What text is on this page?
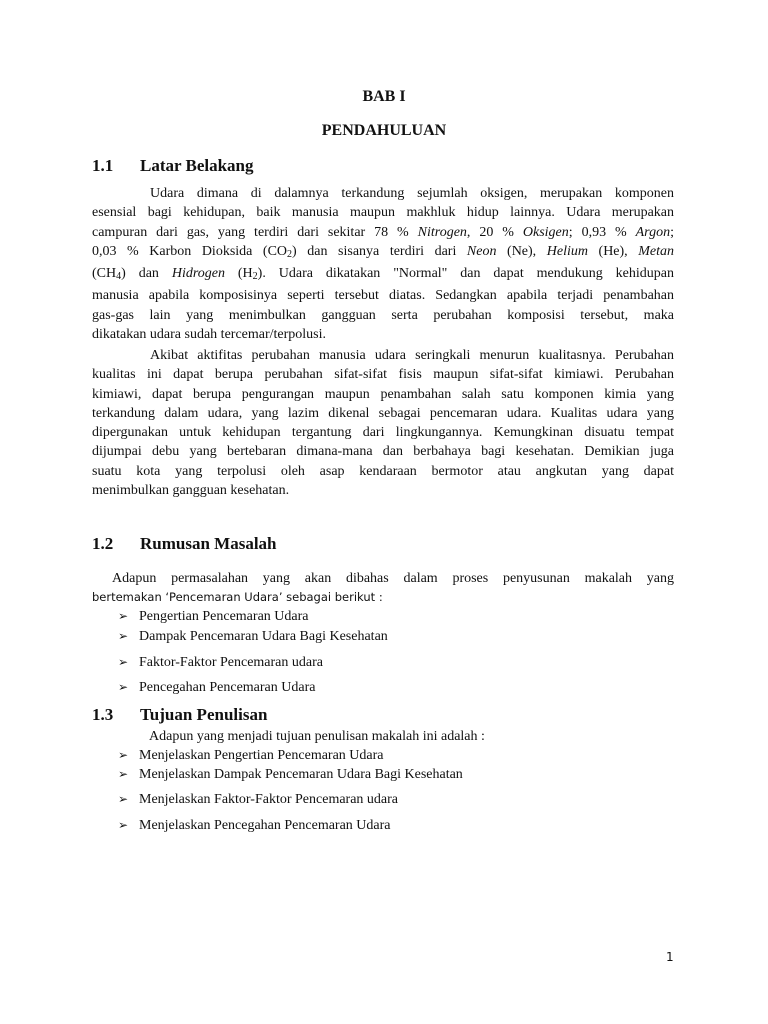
BAB I
PENDAHULUAN
1.1 Latar Belakang
Udara dimana di dalamnya terkandung sejumlah oksigen, merupakan komponen
esensial bagi kehidupan, baik manusia maupun makhluk hidup lainnya. Udara merupakan
campuran dari gas, yang terdiri dari sekitar 78 % Nitrogen, 20 % Oksigen; 0,93 % Argon;
0,03 % Karbon Dioksida $(CO_2)$ dan sisanya terdiri dari Neon (Ne), Helium (He), Metan
$(CH_4)$ dan Hidrogen $(H_2)$. Udara dikatakan "Normal" dan dapat mendukung kehidupan
manusia apabila komposisinya seperti tersebut diatas. Sedangkan apabila terjadi penambahan
gas-gas lain yang menimbulkan gangguan serta perubahan komposisi tersebut, maka
dikatakan udara sudah tercemar/terpolusi.
Akibat aktifitas perubahan manusia udara seringkali menurun kualitasnya. Perubahan
kualitas ini dapat berupa perubahan sifat-sifat fisis maupun sifat-sifat kimiawi. Perubahan
kimiawi, dapat berupa pengurangan maupun penambahan salah satu komponen kimia yang
terkandung dalam udara, yang lazim dikenal sebagai pencemaran udara. Kualitas udara yang
dipergunakan untuk kehidupan tergantung dari lingkungannya. Kemungkinan disuatu tempat
dijumpai debu yang bertebaran dimana-mana dan berbahaya bagi kesehatan. Demikian juga
suatu kota yang terpolusi oleh asap kendaraan bermotor atau angkutan yang dapat
menimbulkan gangguan kesehatan.
1.2 Rumusan Masalah
Adapun permasalahan yang akan dibahas dalam proses penyusunan makalah yang
bertemakan ‘Pencemaran Udara’ sebagai berikut :
➢ Pengertian Pencemaran Udara
➢ Dampak Pencemaran Udara Bagi Kesehatan
➢ Faktor-Faktor Pencemaran udara
➢ Pencegahan Pencemaran Udara
1.3 Tujuan Penulisan
Adapun yang menjadi tujuan penulisan makalah ini adalah :
➢ Menjelaskan Pengertian Pencemaran Udara
➢ Menjelaskan Dampak Pencemaran Udara Bagi Kesehatan
➢ Menjelaskan Faktor-Faktor Pencemaran udara
➢ Menjelaskan Pencegahan Pencemaran Udara
1
